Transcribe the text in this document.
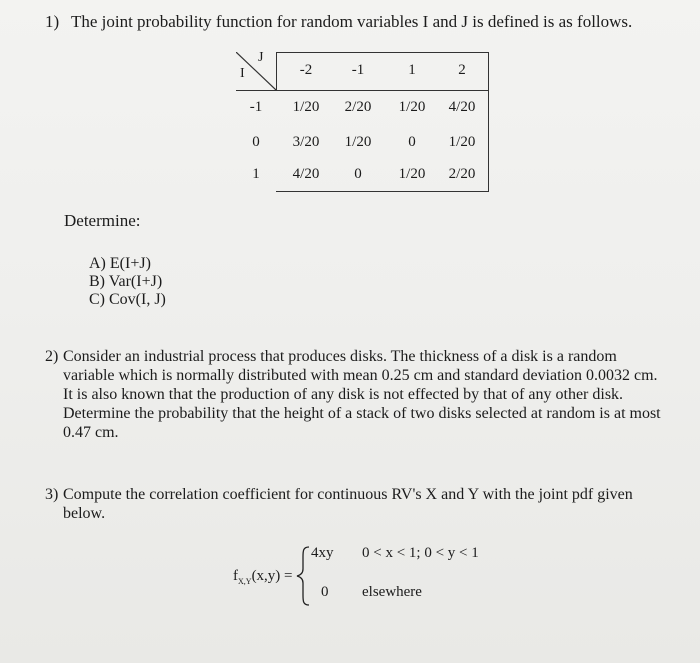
1) The joint probability function for random variables I and J is defined is as follows.
J
I	-2	-1	1	2
-1	1/20	2/20	1/20	4/20
0	3/20	1/20	0	1/20
1	4/20	0	1/20	2/20
Determine:
A) E(I+J)
B) Var(I+J)
C) Cov(I, J)
2) Consider an industrial process that produces disks. The thickness of a disk is a random
variable which is normally distributed with mean 0.25 cm and standard deviation 0.0032 cm.
It is also known that the production of any disk is not effected by that of any other disk.
Determine the probability that the height of a stack of two disks selected at random is at most
0.47 cm.
3) Compute the correlation coefficient for continuous RV's X and Y with the joint pdf given
below.
$f_{X,Y}(x,y)$ =
4xy 0 < x < 1; 0 < y < 1
0 elsewhere
